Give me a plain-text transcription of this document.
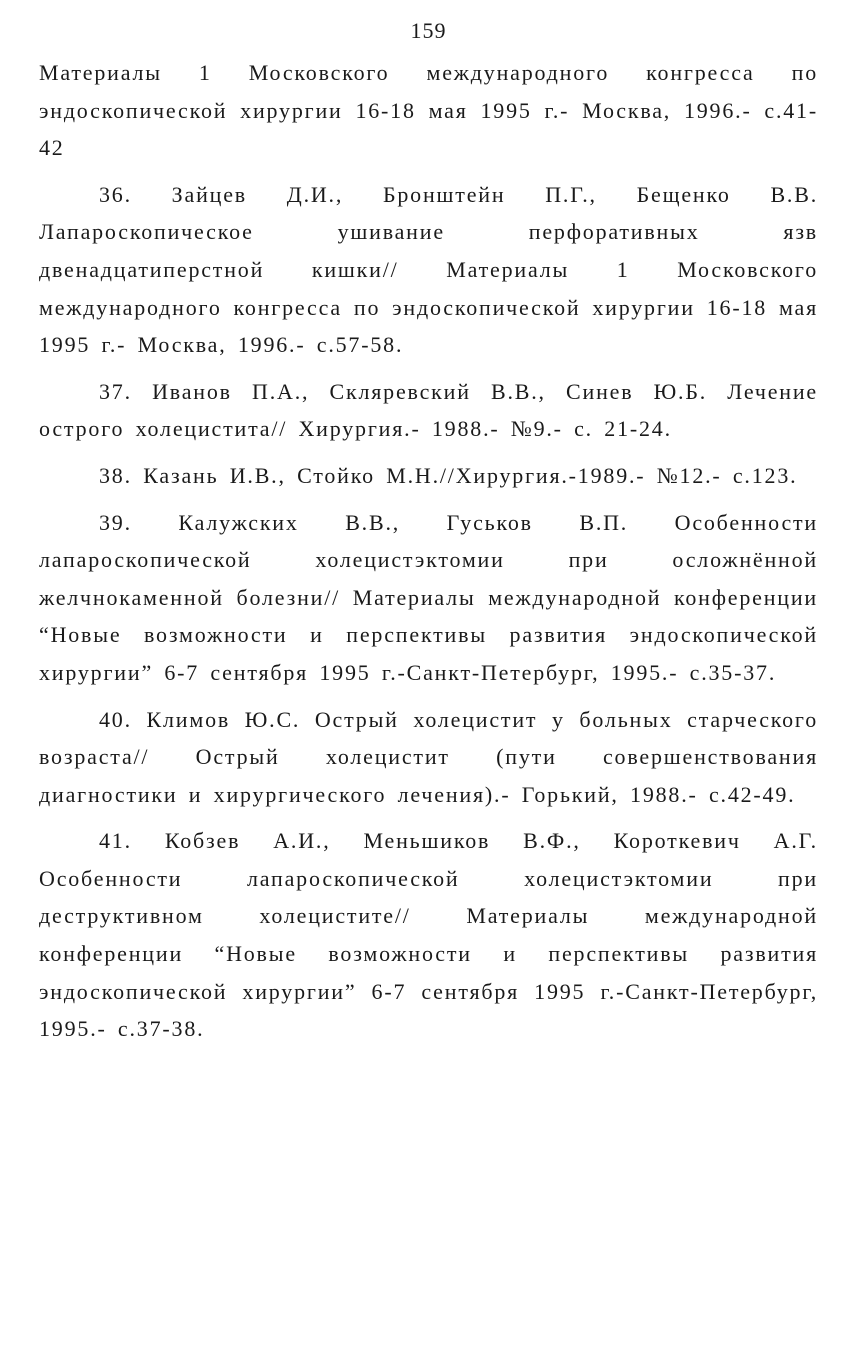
159

Материалы 1 Московского международного конгресса по эндоскопической хирургии 16-18 мая 1995 г.- Москва, 1996.- с.41-42

36. Зайцев Д.И., Бронштейн П.Г., Бещенко В.В. Лапароскопическое ушивание перфоративных язв двенадцатиперстной кишки// Материалы 1 Московского международного конгресса по эндоскопической хирургии 16-18 мая 1995 г.- Москва, 1996.- с.57-58.

37. Иванов П.А., Скляревский В.В., Синев Ю.Б. Лечение острого холецистита// Хирургия.- 1988.- №9.- с. 21-24.

38. Казань И.В., Стойко М.Н.//Хирургия.-1989.- №12.- с.123.

39. Калужских В.В., Гуськов В.П. Особенности лапароскопической холецистэктомии при осложнённой желчнокаменной болезни// Материалы международной конференции “Новые возможности и перспективы развития эндоскопической хирургии” 6-7 сентября 1995 г.-Санкт-Петербург, 1995.- с.35-37.

40. Климов Ю.С. Острый холецистит у больных старческого возраста// Острый холецистит (пути совершенствования диагностики и хирургического лечения).- Горький, 1988.- с.42-49.

41. Кобзев А.И., Меньшиков В.Ф., Короткевич А.Г. Особенности лапароскопической холецистэктомии при деструктивном холецистите// Материалы международной конференции “Новые возможности и перспективы развития эндоскопической хирургии” 6-7 сентября 1995 г.-Санкт-Петербург, 1995.- с.37-38.
